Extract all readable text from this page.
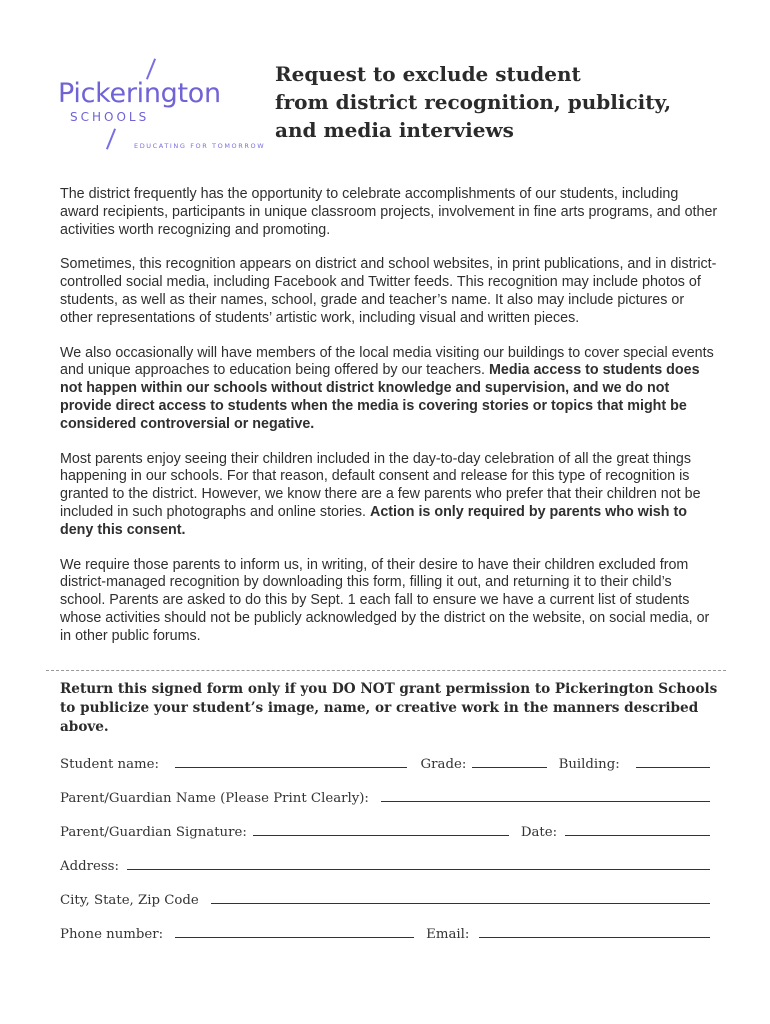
Pickerington
SCHOOLS
EDUCATING FOR TOMORROW
Request to exclude student
from district recognition, publicity,
and media interviews

The district frequently has the opportunity to celebrate accomplishments of our students, including award recipients, participants in unique classroom projects, involvement in fine arts programs, and other activities worth recognizing and promoting.

Sometimes, this recognition appears on district and school websites, in print publications, and in district-controlled social media, including Facebook and Twitter feeds. This recognition may include photos of students, as well as their names, school, grade and teacher’s name. It also may include pictures or other representations of students’ artistic work, including visual and written pieces.

We also occasionally will have members of the local media visiting our buildings to cover special events and unique approaches to education being offered by our teachers. Media access to students does not happen within our schools without district knowledge and supervision, and we do not provide direct access to students when the media is covering stories or topics that might be considered controversial or negative.

Most parents enjoy seeing their children included in the day-to-day celebration of all the great things happening in our schools. For that reason, default consent and release for this type of recognition is granted to the district. However, we know there are a few parents who prefer that their children not be included in such photographs and online stories. Action is only required by parents who wish to deny this consent.

We require those parents to inform us, in writing, of their desire to have their children excluded from district-managed recognition by downloading this form, filling it out, and returning it to their child’s school. Parents are asked to do this by Sept. 1 each fall to ensure we have a current list of students whose activities should not be publicly acknowledged by the district on the website, on social media, or in other public forums.

Return this signed form only if you DO NOT grant permission to Pickerington Schools to publicize your student’s image, name, or creative work in the manners described above.
Student name:	Grade:	Building:
Parent/Guardian Name (Please Print Clearly):
Parent/Guardian Signature:	Date:
Address:
City, State, Zip Code
Phone number:	Email:
